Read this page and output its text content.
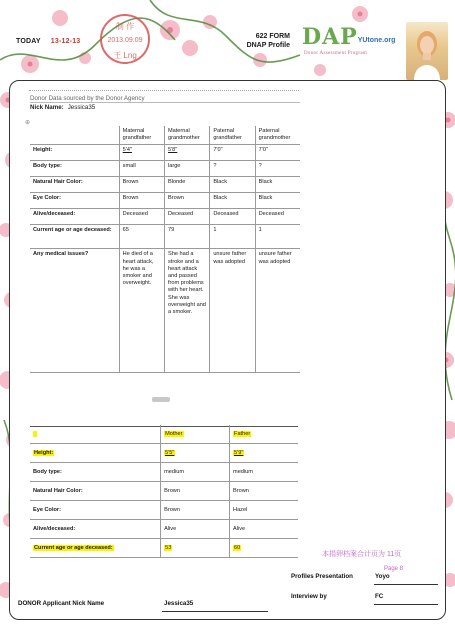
TODAY 13-12-13
制 作
2013.09.09
王 Lng
622 FORM
DNAP Profile DAPYUtone.org
Donor Assessment Program
Donor Data sourced by the Donor Agency
Nick Name: Jessica35
⊕
	Maternal grandfather	Maternal grandmother	Paternal grandfather	Paternal grandmother
Height:	5'4"	5'8"	7'0"	7'0"
Body type:	small	large	?	?
Natural Hair Color:	Brown	Blonde	Black	Black
Eye Color:	Brown	Brown	Black	Black
Alive/deceased:	Deceased	Deceased	Deceased	Deceased
Current age or age deceased:	65	79	1	1
Any medical issues?	He died of a heart attack, he was a smoker and overweight.	She had a stroke and a heart attack and passed from problems with her heart. She was overweight and a smoker.	unsure father was adopted	unsure father was adopted
	Mother	Father
Height:	5'5"	5'9"
Body type:	medium	medium
Natural Hair Color:	Brown	Brown
Eye Color:	Brown	Hazel
Alive/deceased:	Alive	Alive
Current age or age deceased:	53	60
本捐卵档案合计页为 11页
Page 8
Profiles Presentation	Yoyo
Interview by	FC
DONOR Applicant Nick Name	Jessica35
